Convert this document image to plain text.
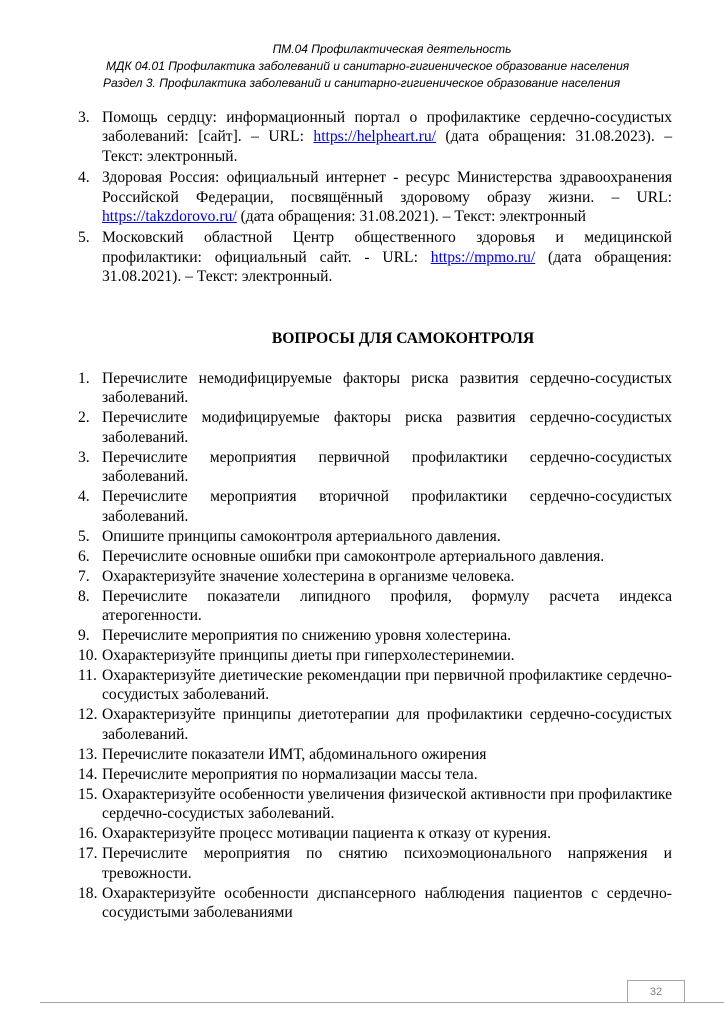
ПМ.04 Профилактическая деятельность
МДК 04.01 Профилактика заболеваний и санитарно-гигиеническое образование населения
Раздел 3. Профилактика заболеваний и санитарно-гигиеническое образование населения
3. Помощь сердцу: информационный портал о профилактике сердечно-сосудистых заболеваний: [сайт]. – URL: https://helpheart.ru/ (дата обращения: 31.08.2023). – Текст: электронный.
4. Здоровая Россия: официальный интернет - ресурс Министерства здравоохранения Российской Федерации, посвящённый здоровому образу жизни. – URL: https://takzdorovo.ru/ (дата обращения: 31.08.2021). – Текст: электронный
5. Московский областной Центр общественного здоровья и медицинской профилактики: официальный сайт. - URL: https://mpmo.ru/ (дата обращения: 31.08.2021). – Текст: электронный.
ВОПРОСЫ ДЛЯ САМОКОНТРОЛЯ
1. Перечислите немодифицируемые факторы риска развития сердечно-сосудистых заболеваний.
2. Перечислите модифицируемые факторы риска развития сердечно-сосудистых заболеваний.
3. Перечислите мероприятия первичной профилактики сердечно-сосудистых заболеваний.
4. Перечислите мероприятия вторичной профилактики сердечно-сосудистых заболеваний.
5. Опишите принципы самоконтроля артериального давления.
6. Перечислите основные ошибки при самоконтроле артериального давления.
7. Охарактеризуйте значение холестерина в организме человека.
8. Перечислите показатели липидного профиля, формулу расчета индекса атерогенности.
9. Перечислите мероприятия по снижению уровня холестерина.
10. Охарактеризуйте принципы диеты при гиперхолестеринемии.
11. Охарактеризуйте диетические рекомендации при первичной профилактике сердечно-сосудистых заболеваний.
12. Охарактеризуйте принципы диетотерапии для профилактики сердечно-сосудистых заболеваний.
13. Перечислите показатели ИМТ, абдоминального ожирения
14. Перечислите мероприятия по нормализации массы тела.
15. Охарактеризуйте особенности увеличения физической активности при профилактике сердечно-сосудистых заболеваний.
16. Охарактеризуйте процесс мотивации пациента к отказу от курения.
17. Перечислите мероприятия по снятию психоэмоционального напряжения и тревожности.
18. Охарактеризуйте особенности диспансерного наблюдения пациентов с сердечно-сосудистыми заболеваниями
32
